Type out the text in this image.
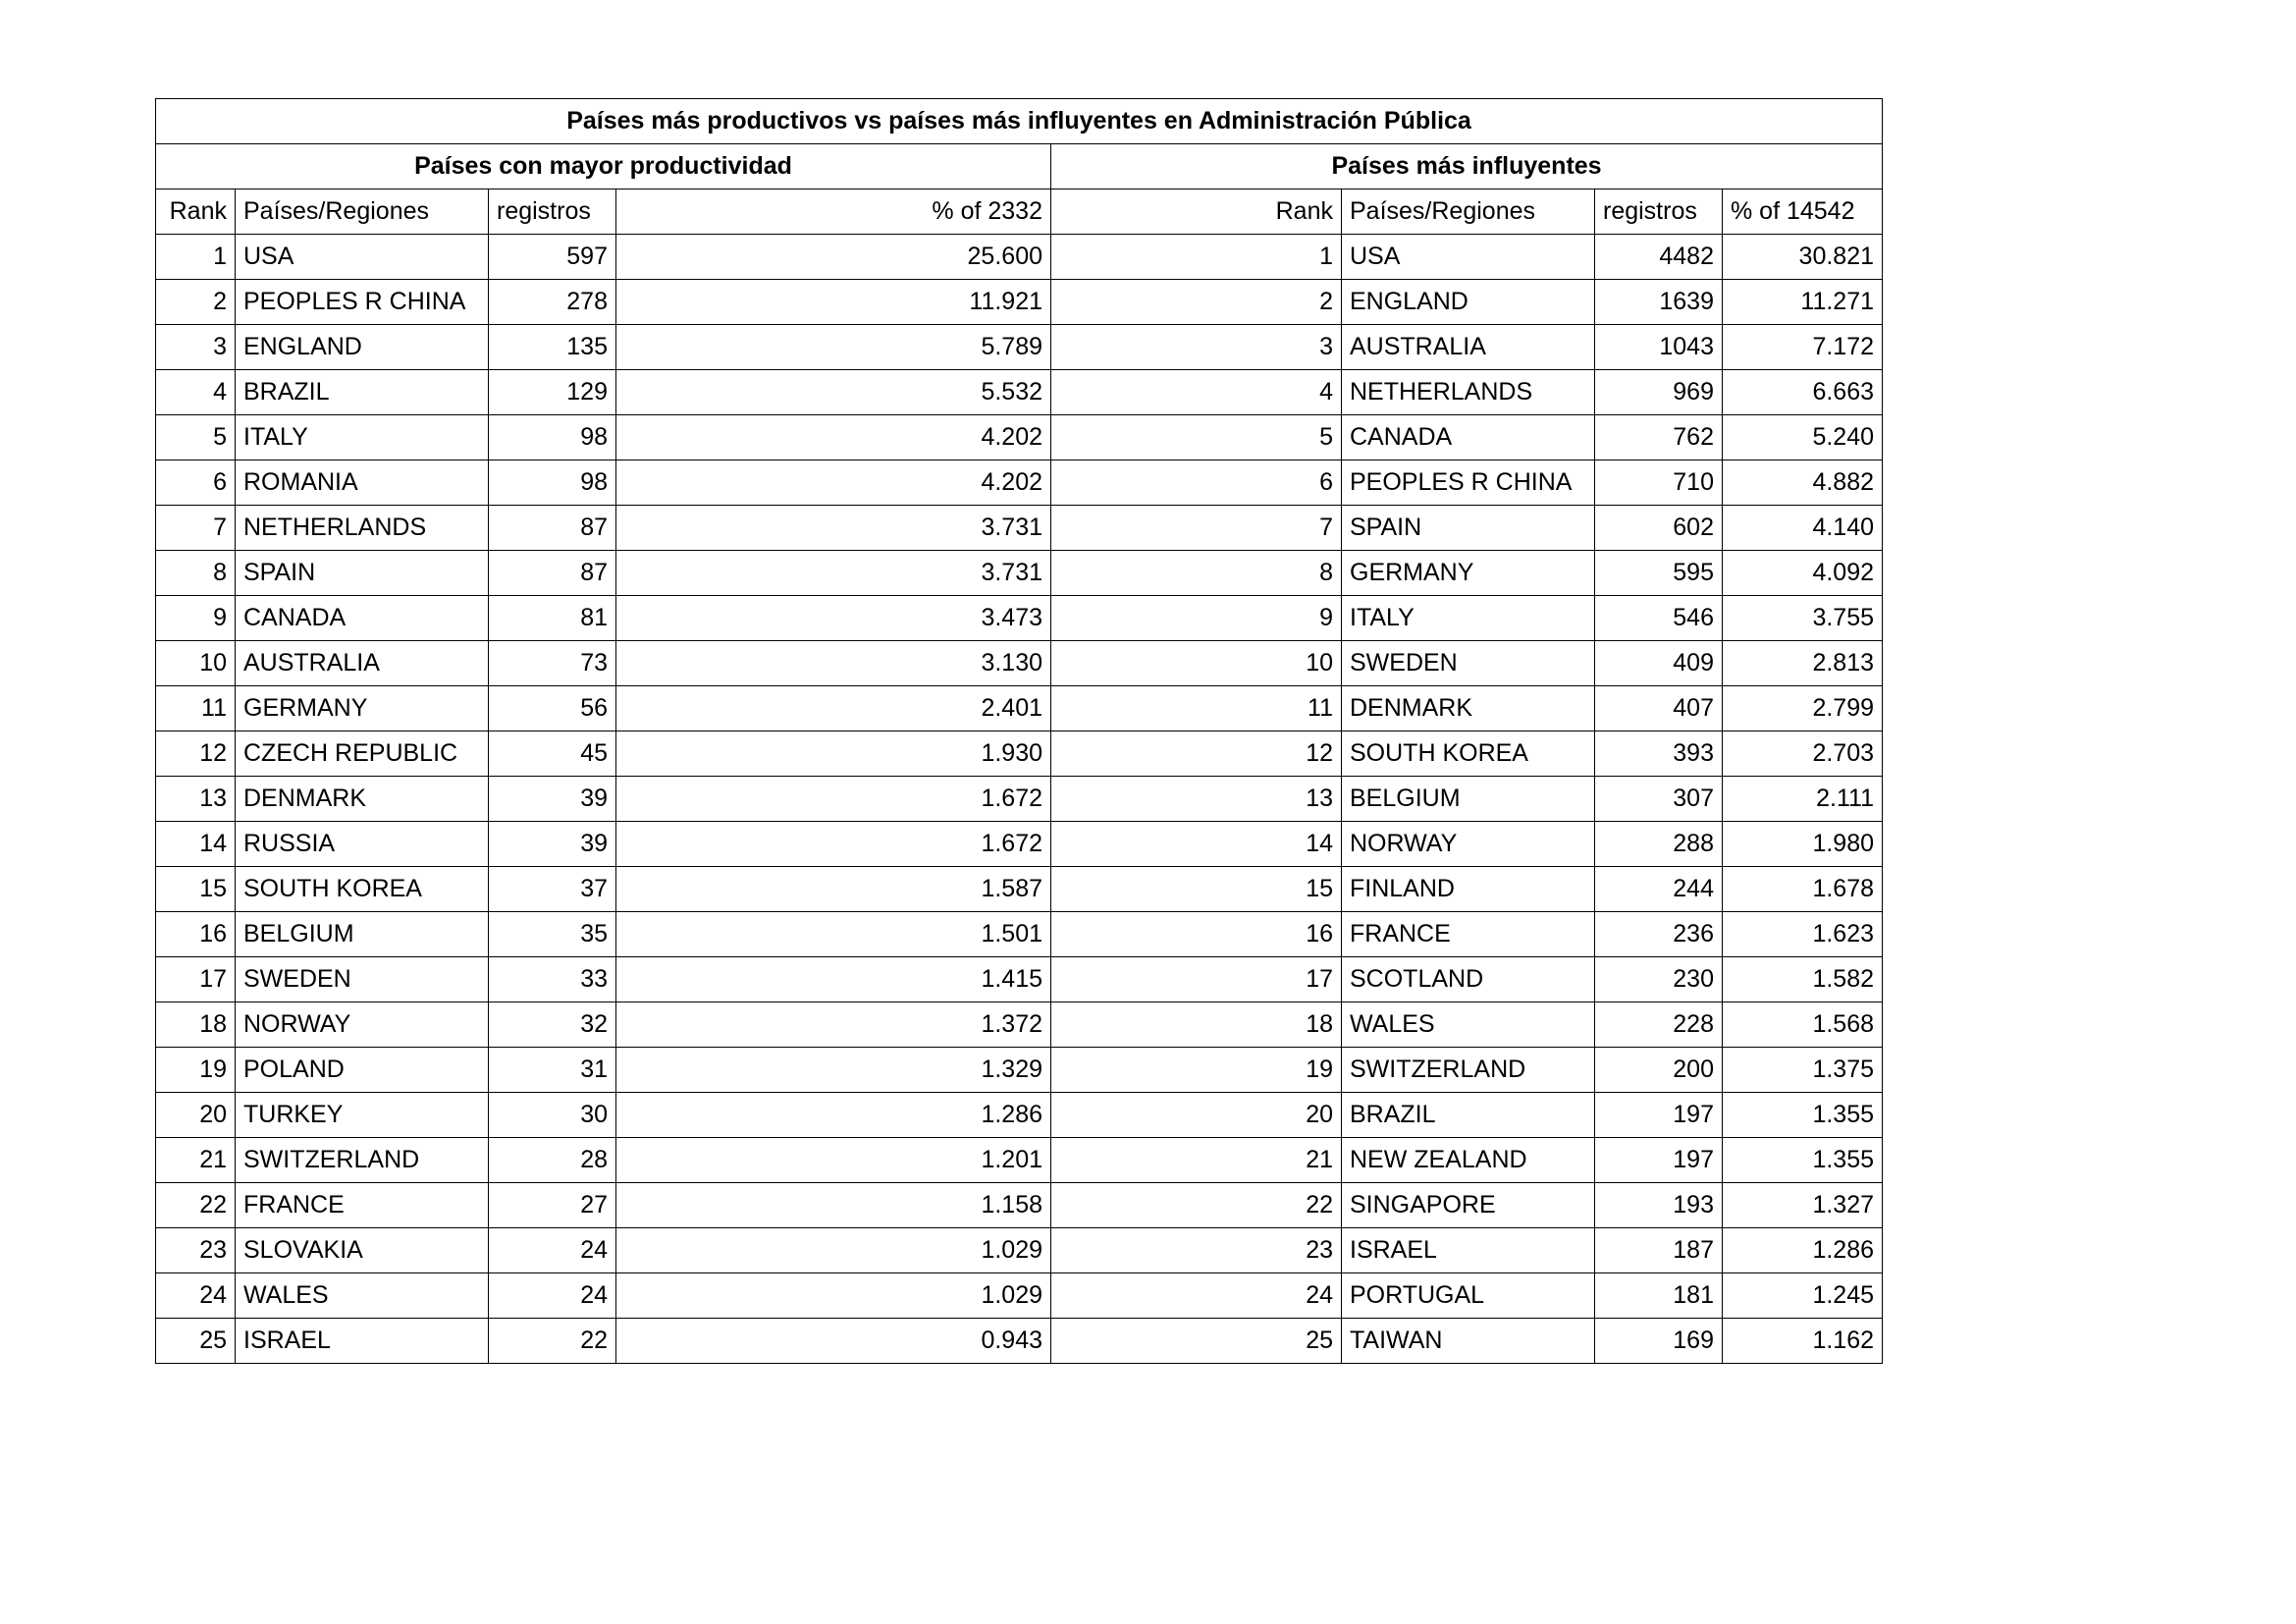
Países más productivos vs países más influyentes en Administración Pública							
Países con mayor productividad				Países más influyentes			
Rank	Países/Regiones	registros	% of 2332	Rank	Países/Regiones	registros	% of 14542
1	USA	597	25.600	1	USA	4482	30.821
2	PEOPLES R CHINA	278	11.921	2	ENGLAND	1639	11.271
3	ENGLAND	135	5.789	3	AUSTRALIA	1043	7.172
4	BRAZIL	129	5.532	4	NETHERLANDS	969	6.663
5	ITALY	98	4.202	5	CANADA	762	5.240
6	ROMANIA	98	4.202	6	PEOPLES R CHINA	710	4.882
7	NETHERLANDS	87	3.731	7	SPAIN	602	4.140
8	SPAIN	87	3.731	8	GERMANY	595	4.092
9	CANADA	81	3.473	9	ITALY	546	3.755
10	AUSTRALIA	73	3.130	10	SWEDEN	409	2.813
11	GERMANY	56	2.401	11	DENMARK	407	2.799
12	CZECH REPUBLIC	45	1.930	12	SOUTH KOREA	393	2.703
13	DENMARK	39	1.672	13	BELGIUM	307	2.111
14	RUSSIA	39	1.672	14	NORWAY	288	1.980
15	SOUTH KOREA	37	1.587	15	FINLAND	244	1.678
16	BELGIUM	35	1.501	16	FRANCE	236	1.623
17	SWEDEN	33	1.415	17	SCOTLAND	230	1.582
18	NORWAY	32	1.372	18	WALES	228	1.568
19	POLAND	31	1.329	19	SWITZERLAND	200	1.375
20	TURKEY	30	1.286	20	BRAZIL	197	1.355
21	SWITZERLAND	28	1.201	21	NEW ZEALAND	197	1.355
22	FRANCE	27	1.158	22	SINGAPORE	193	1.327
23	SLOVAKIA	24	1.029	23	ISRAEL	187	1.286
24	WALES	24	1.029	24	PORTUGAL	181	1.245
25	ISRAEL	22	0.943	25	TAIWAN	169	1.162
